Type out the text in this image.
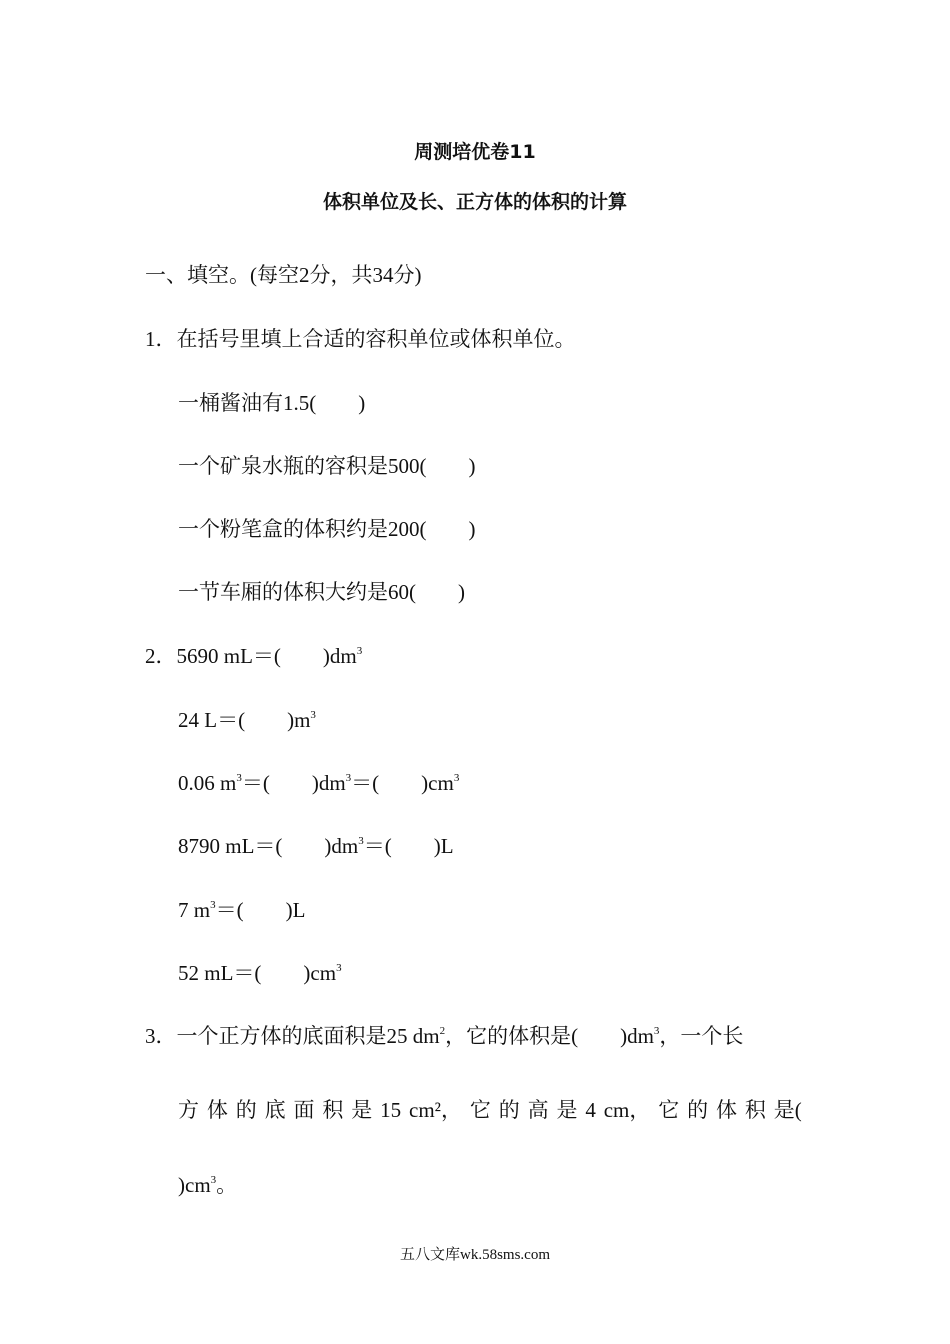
周测培优卷11
体积单位及长、正方体的体积的计算
一、填空。(每空2分，共34分)
1．在括号里填上合适的容积单位或体积单位。
一桶酱油有1.5(　　)
一个矿泉水瓶的容积是500(　　)
一个粉笔盒的体积约是200(　　)
一节车厢的体积大约是60(　　)
2．5690 mL＝(　　)$dm^3$
24 L＝(　　)$m^3$
0.06 $m^3=$(　　)$dm^3=$(　　)$cm^3$
8790 mL＝(　　)$dm^3=$(　　)L
7 $m^3=$(　　)L
52 mL＝(　　)$cm^3$
3．一个正方体的底面积是25 $dm^2$，它的体积是(　　)$dm^3$，一个长
方 体 的 底 面 积 是 15 cm²， 它 的 高 是 4 cm， 它 的 体 积 是(
)$cm^3$。
五八文库wk.58sms.com
